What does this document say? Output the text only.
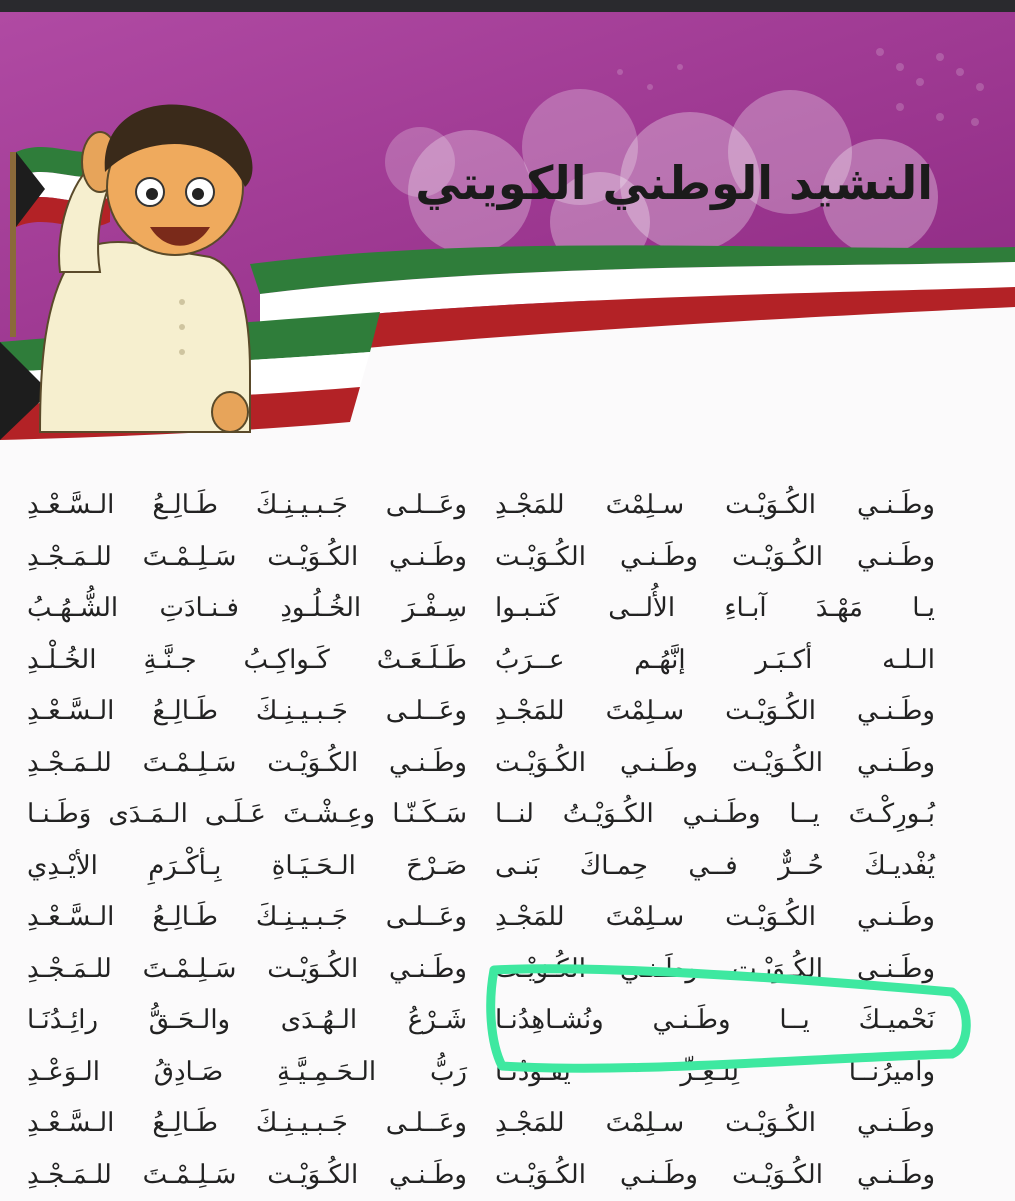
النشيد الوطني الكويتي
وطَـنـي الكُـوَيْـت سـلِمْتَ للمَجْـدِ
وطَـنـي الكُـوَيْـت وطَـنـي الكُـوَيْـت
يـا مَهْـدَ آبـاءِ الأُلــى كَتـبـوا
الـلـه أكـبَـر إنَّهُـم عــرَبُ
وطَـنـي الكُـوَيْـت سـلِمْتَ للمَجْـدِ
وطَـنـي الكُـوَيْـت وطَـنـي الكُـوَيْـت
بُـورِكْـتَ يــا وطَـنـي الكُـوَيْـتُ لنــا
يُفْديـكَ حُــرٌّ فــي حِمـاكَ بَنـى
وطَـنـي الكُـوَيْـت سـلِمْتَ للمَجْـدِ
وطَـنـي الكُـوَيْـت وطَـنـي الكُـوَيْـت
نَحْميـكَ يــا وطَـنـي ونُشـاهِدُنـا
وأميرُنــا لِلـعِـزِّ يَقـودُنـا
وطَـنـي الكُـوَيْـت سـلِمْتَ للمَجْـدِ
وطَـنـي الكُـوَيْـت وطَـنـي الكُـوَيْـت
وعَــلـى جَـبـيـنِـكَ طَـالِـعُ الـسَّـعْـدِ
وطَـنـي الكُـوَيْـت سَـلِـمْـتَ للـمَـجْـدِ
سِـفْـرَ الخُـلُـودِ فـنـادَتِ الشُّـهُـبُ
طَـلَـعَـتْ كَـواكِـبُ جـنَّـةِ الخُـلْـدِ
وعَــلـى جَـبـيـنِـكَ طَـالِـعُ الـسَّـعْـدِ
وطَـنـي الكُـوَيْـت سَـلِـمْـتَ للـمَـجْـدِ
سَـكَـنّـا وعِـشْـتَ عَـلَـى الـمَـدَى وَطَـنـا
صَـرْحَ الـحَـيَـاةِ بِـأكْـرَمِ الأيْـدِي
وعَــلـى جَـبـيـنِـكَ طَـالِـعُ الـسَّـعْـدِ
وطَـنـي الكُـوَيْـت سَـلِـمْـتَ للـمَـجْـدِ
شَـرْعُ الـهُـدَى والـحَـقُّ رائِـدُنَـا
رَبُّ الـحَـمِـيَّـةِ صَـادِقُ الـوَعْـدِ
وعَــلـى جَـبـيـنِـكَ طَـالِـعُ الـسَّـعْـدِ
وطَـنـي الكُـوَيْـت سَـلِـمْـتَ للـمَـجْـدِ
